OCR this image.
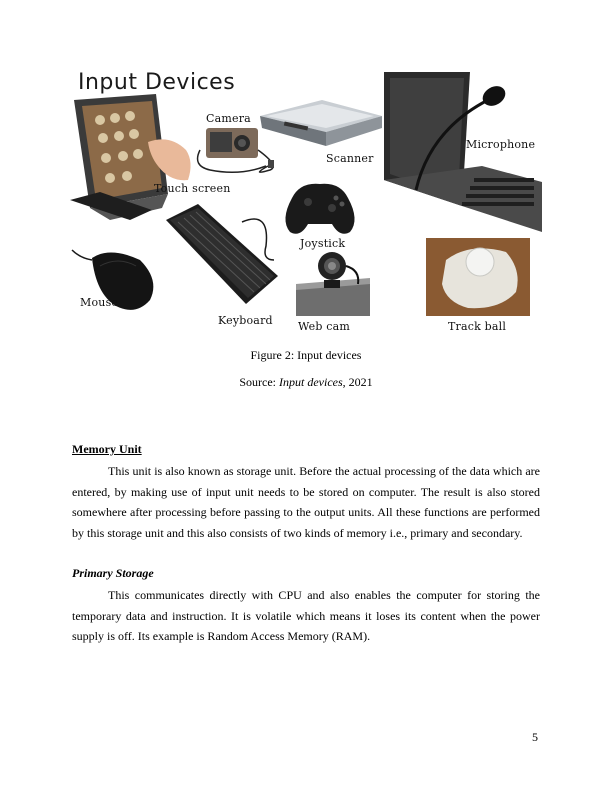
Input Devices
Camera
Scanner
Microphone
Touch screen
Joystick
Mouse
Keyboard Web cam	Track ball
Figure 2: Input devices
Source: Input devices, 2021
Memory Unit

This unit is also known as storage unit. Before the actual processing of the data which are entered, by making use of input unit needs to be stored on computer. The result is also stored somewhere after processing before passing to the output units. All these functions are performed by this storage unit and this also consists of two kinds of memory i.e., primary and secondary.

Primary Storage

This communicates directly with CPU and also enables the computer for storing the temporary data and instruction. It is volatile which means it loses its content when the power supply is off. Its example is Random Access Memory (RAM).

5
